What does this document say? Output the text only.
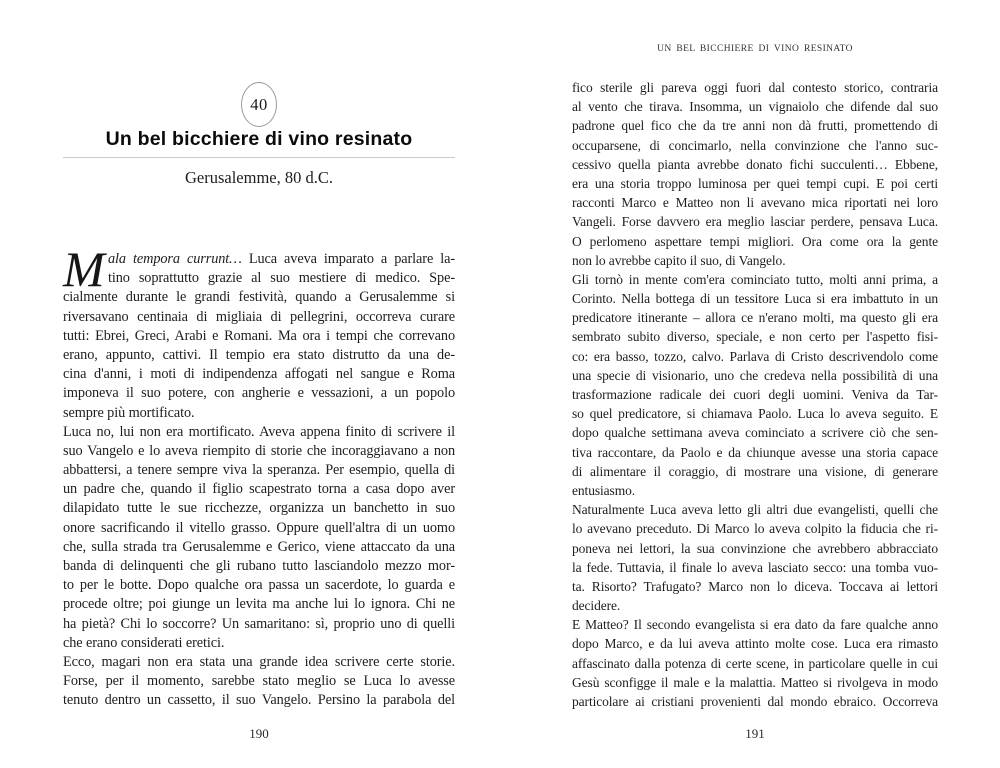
40
Un bel bicchiere di vino resinato
Gerusalemme, 80 d.C.
M ala tempora currunt… Luca aveva imparato a parlare la-
tino soprattutto grazie al suo mestiere di medico. Spe-
cialmente durante le grandi festività, quando a Gerusalemme si
riversavano centinaia di migliaia di pellegrini, occorreva curare
tutti: Ebrei, Greci, Arabi e Romani. Ma ora i tempi che correvano
erano, appunto, cattivi. Il tempio era stato distrutto da una de-
cina d'anni, i moti di indipendenza affogati nel sangue e Roma
imponeva il suo potere, con angherie e vessazioni, a un popolo
sempre più mortificato.
Luca no, lui non era mortificato. Aveva appena finito di scrivere il
suo Vangelo e lo aveva riempito di storie che incoraggiavano a non
abbattersi, a tenere sempre viva la speranza. Per esempio, quella di
un padre che, quando il figlio scapestrato torna a casa dopo aver
dilapidato tutte le sue ricchezze, organizza un banchetto in suo
onore sacrificando il vitello grasso. Oppure quell'altra di un uomo
che, sulla strada tra Gerusalemme e Gerico, viene attaccato da una
banda di delinquenti che gli rubano tutto lasciandolo mezzo mor-
to per le botte. Dopo qualche ora passa un sacerdote, lo guarda e
procede oltre; poi giunge un levita ma anche lui lo ignora. Chi ne
ha pietà? Chi lo soccorre? Un samaritano: sì, proprio uno di quelli
che erano considerati eretici.
Ecco, magari non era stata una grande idea scrivere certe storie.
Forse, per il momento, sarebbe stato meglio se Luca lo avesse
tenuto dentro un cassetto, il suo Vangelo. Persino la parabola del
190
UN BEL BICCHIERE DI VINO RESINATO
fico sterile gli pareva oggi fuori dal contesto storico, contraria
al vento che tirava. Insomma, un vignaiolo che difende dal suo
padrone quel fico che da tre anni non dà frutti, promettendo di
occuparsene, di concimarlo, nella convinzione che l'anno suc-
cessivo quella pianta avrebbe donato fichi succulenti… Ebbene,
era una storia troppo luminosa per quei tempi cupi. E poi certi
racconti Marco e Matteo non li avevano mica riportati nei loro
Vangeli. Forse davvero era meglio lasciar perdere, pensava Luca.
O perlomeno aspettare tempi migliori. Ora come ora la gente
non lo avrebbe capito il suo, di Vangelo.
Gli tornò in mente com'era cominciato tutto, molti anni prima, a
Corinto. Nella bottega di un tessitore Luca si era imbattuto in un
predicatore itinerante – allora ce n'erano molti, ma questo gli era
sembrato subito diverso, speciale, e non certo per l'aspetto fisi-
co: era basso, tozzo, calvo. Parlava di Cristo descrivendolo come
una specie di visionario, uno che credeva nella possibilità di una
trasformazione radicale dei cuori degli uomini. Veniva da Tar-
so quel predicatore, si chiamava Paolo. Luca lo aveva seguito. E
dopo qualche settimana aveva cominciato a scrivere ciò che sen-
tiva raccontare, da Paolo e da chiunque avesse una storia capace
di alimentare il coraggio, di mostrare una visione, di generare
entusiasmo.
Naturalmente Luca aveva letto gli altri due evangelisti, quelli che
lo avevano preceduto. Di Marco lo aveva colpito la fiducia che ri-
poneva nei lettori, la sua convinzione che avrebbero abbracciato
la fede. Tuttavia, il finale lo aveva lasciato secco: una tomba vuo-
ta. Risorto? Trafugato? Marco non lo diceva. Toccava ai lettori
decidere.
E Matteo? Il secondo evangelista si era dato da fare qualche anno
dopo Marco, e da lui aveva attinto molte cose. Luca era rimasto
affascinato dalla potenza di certe scene, in particolare quelle in cui
Gesù sconfigge il male e la malattia. Matteo si rivolgeva in modo
particolare ai cristiani provenienti dal mondo ebraico. Occorreva
191
